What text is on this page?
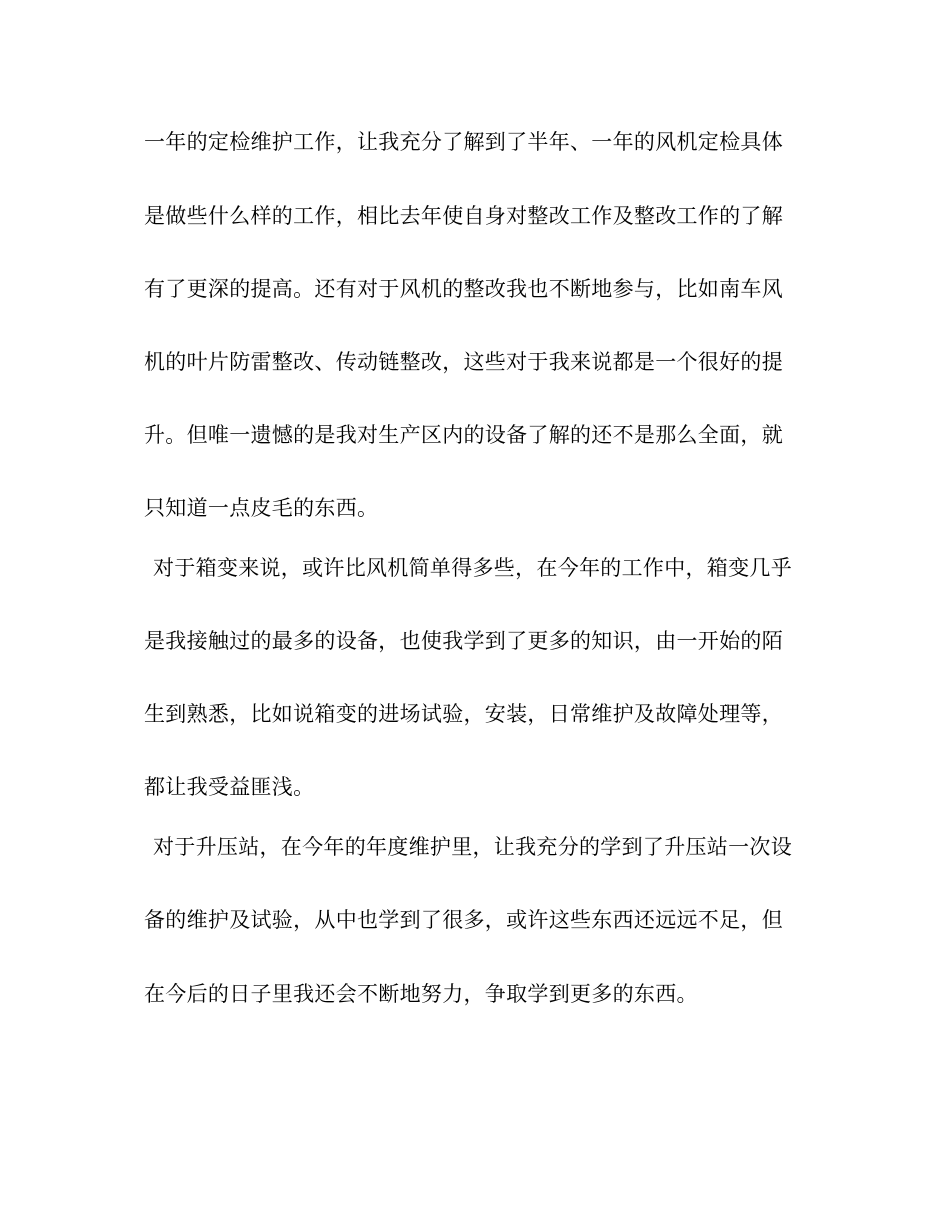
一年的定检维护工作，让我充分了解到了半年、一年的风机定检具体
是做些什么样的工作，相比去年使自身对整改工作及整改工作的了解
有了更深的提高。还有对于风机的整改我也不断地参与，比如南车风
机的叶片防雷整改、传动链整改，这些对于我来说都是一个很好的提
升。但唯一遗憾的是我对生产区内的设备了解的还不是那么全面，就
只知道一点皮毛的东西。
对于箱变来说，或许比风机简单得多些，在今年的工作中，箱变几乎
是我接触过的最多的设备，也使我学到了更多的知识，由一开始的陌
生到熟悉，比如说箱变的进场试验，安装，日常维护及故障处理等，
都让我受益匪浅。
对于升压站，在今年的年度维护里，让我充分的学到了升压站一次设
备的维护及试验，从中也学到了很多，或许这些东西还远远不足，但
在今后的日子里我还会不断地努力，争取学到更多的东西。
